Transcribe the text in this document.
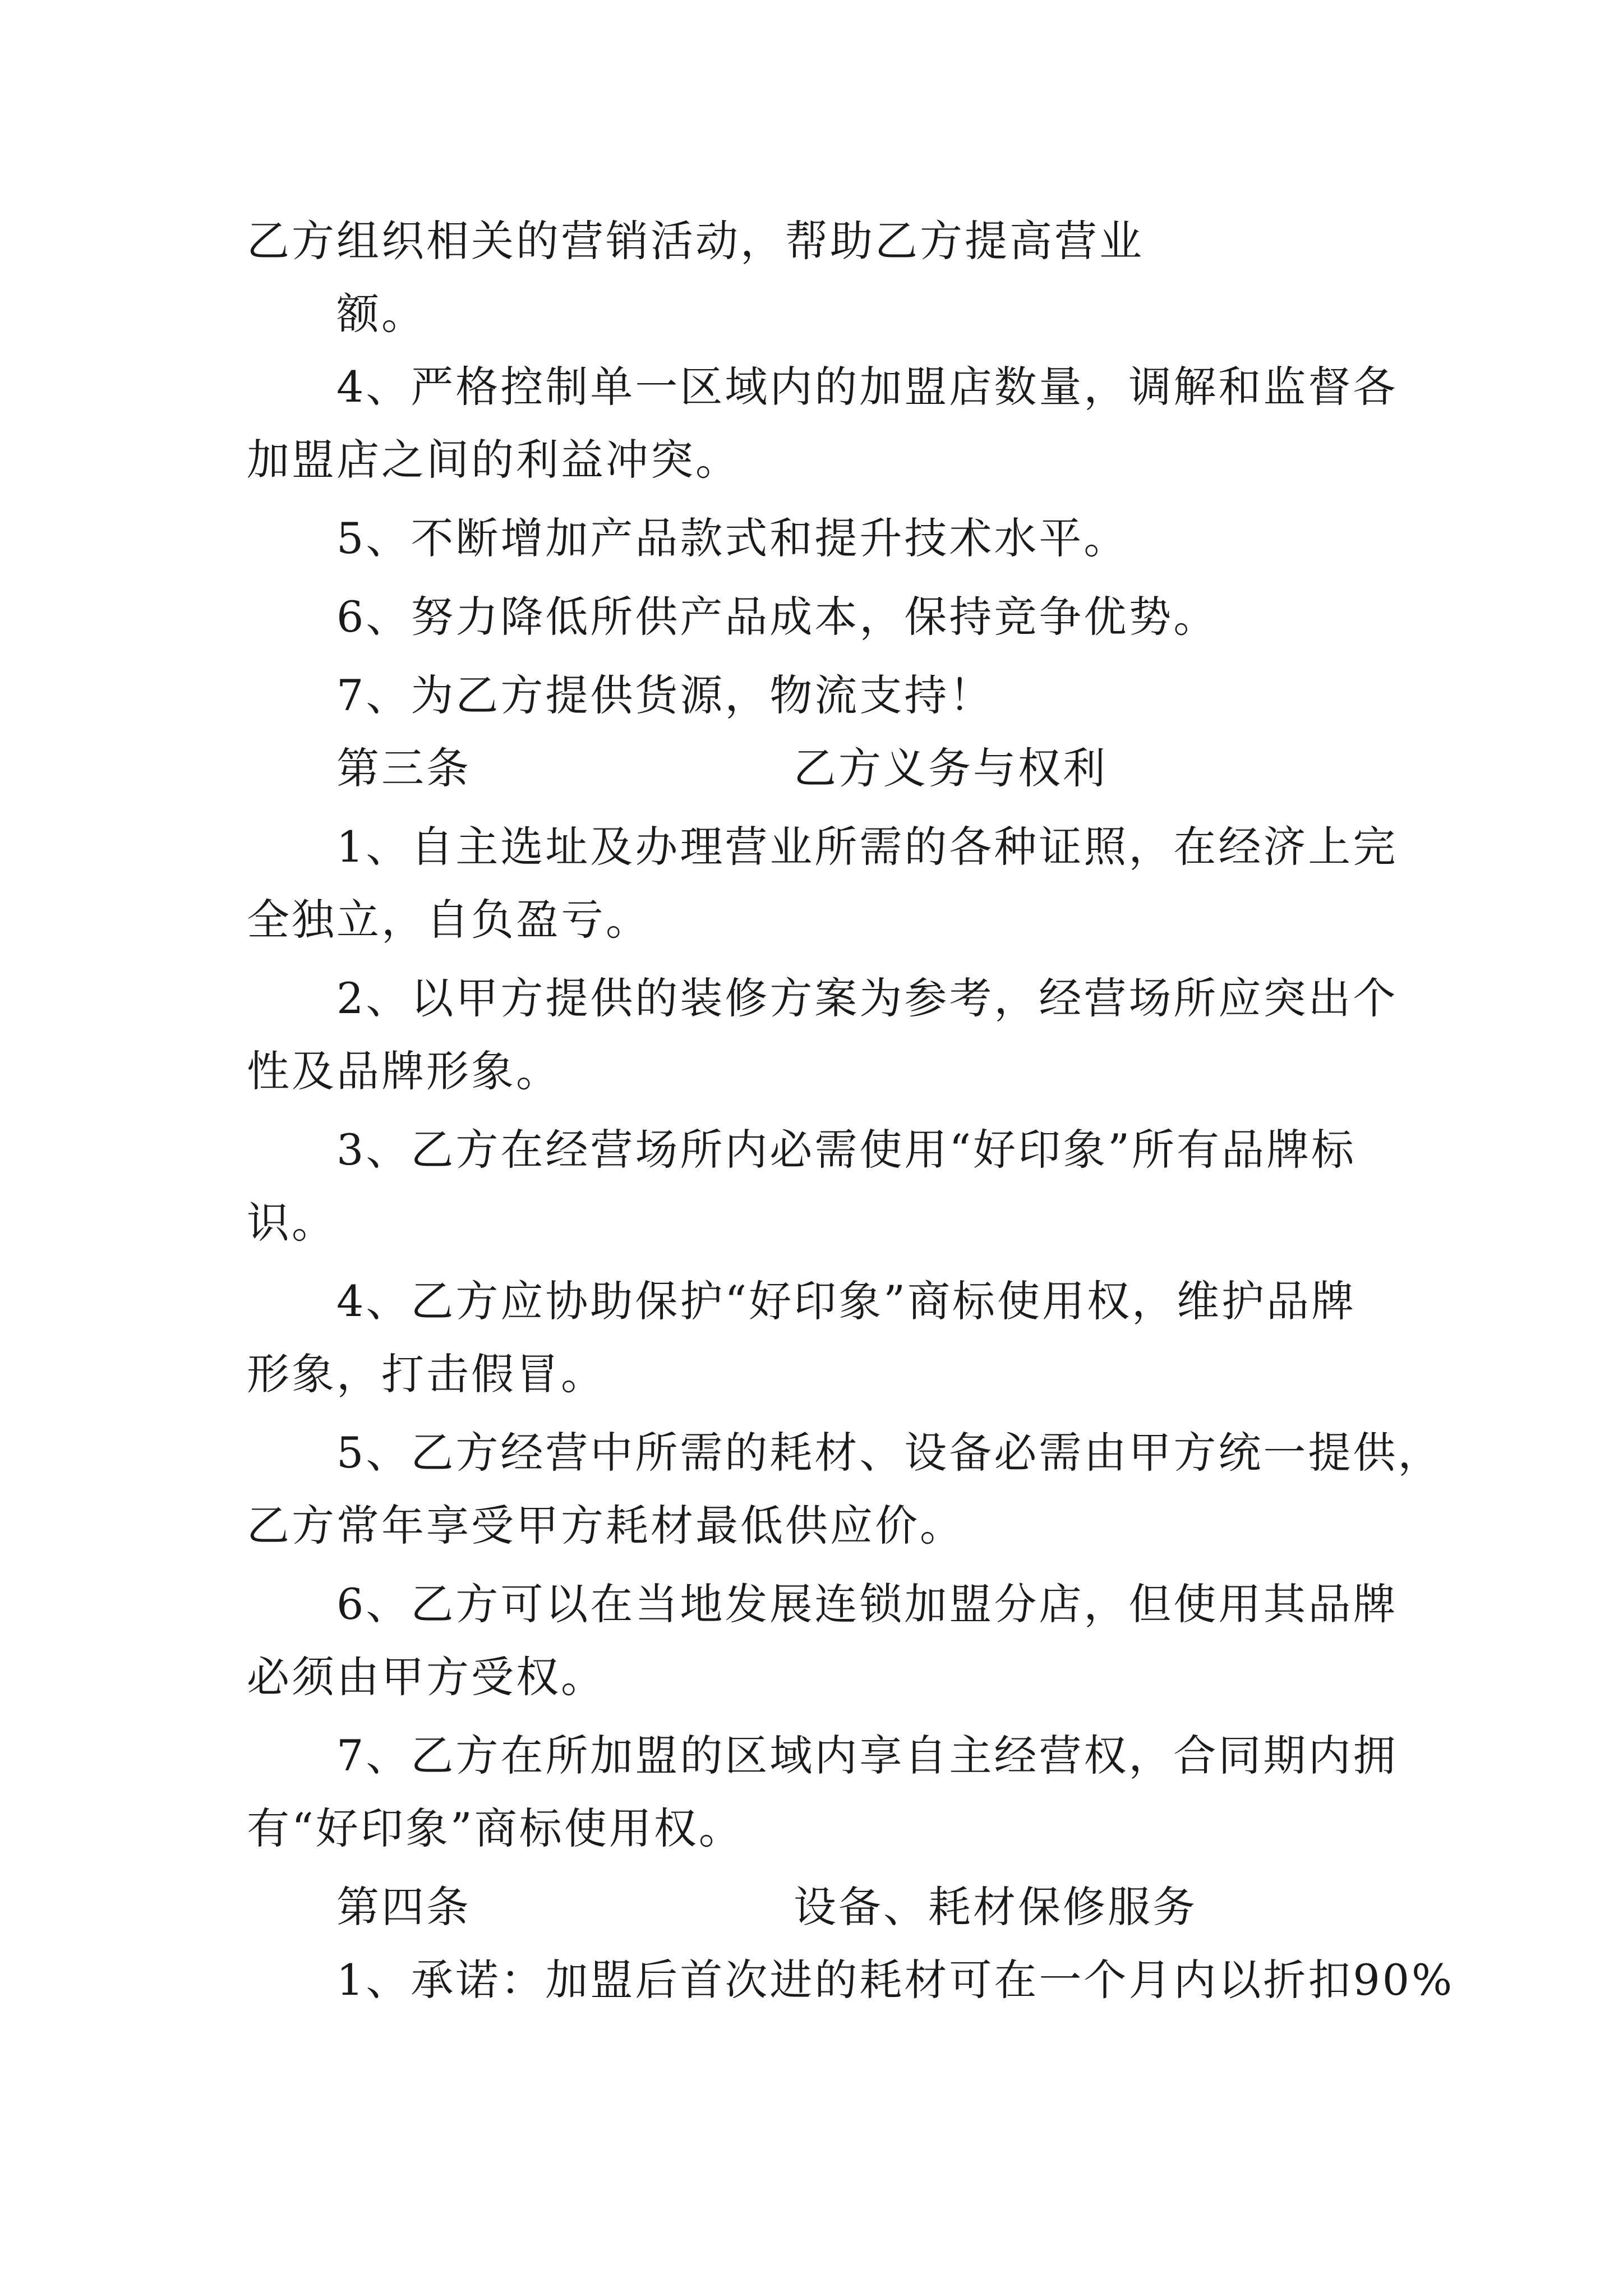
乙方组织相关的营销活动，帮助乙方提高营业
额。
4、严格控制单一区域内的加盟店数量，调解和监督各
加盟店之间的利益冲突。
5、不断增加产品款式和提升技术水平。
6、努力降低所供产品成本，保持竞争优势。
7、为乙方提供货源，物流支持！
第三条	乙方义务与权利
1、自主选址及办理营业所需的各种证照，在经济上完
全独立，自负盈亏。
2、以甲方提供的装修方案为参考，经营场所应突出个
性及品牌形象。
3、乙方在经营场所内必需使用“好印象”所有品牌标
识。
4、乙方应协助保护“好印象”商标使用权，维护品牌
形象，打击假冒。
5、乙方经营中所需的耗材、设备必需由甲方统一提供，
乙方常年享受甲方耗材最低供应价。
6、乙方可以在当地发展连锁加盟分店，但使用其品牌
必须由甲方受权。
7、乙方在所加盟的区域内享自主经营权，合同期内拥
有“好印象”商标使用权。
第四条	设备、耗材保修服务
1、承诺：加盟后首次进的耗材可在一个月内以折扣90%
